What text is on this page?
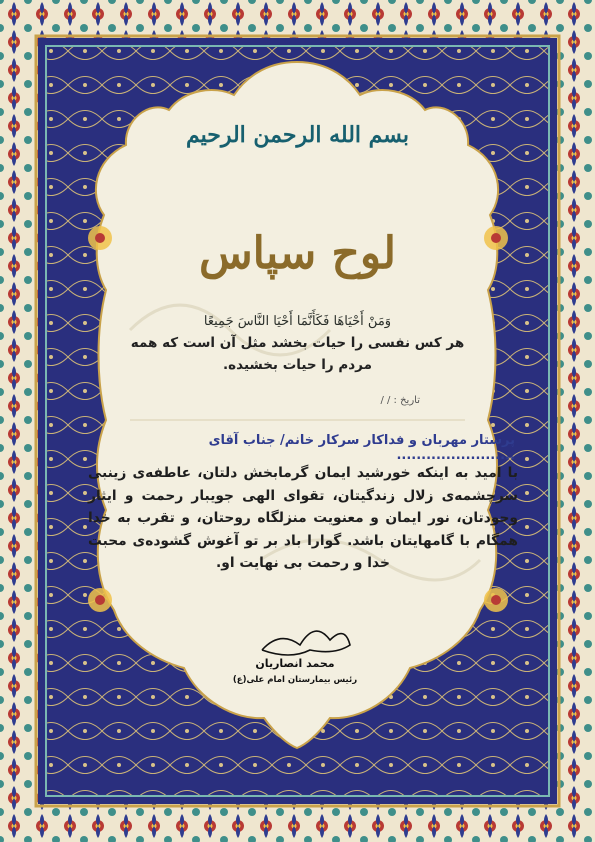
بسم الله الرحمن الرحیم
لوح سپاس
وَمَنْ أَحْيَاهَا فَكَأَنَّمَا أَحْيَا النَّاسَ جَمِيعًا
هر کس نفسی را حیات بخشد مثل آن است که همه مردم را حیات بخشیده.
تاریخ : / /
پرستار مهربان و فداکار سرکار خانم/ جناب آقای ........................
با امید به اینکه خورشید ایمان گرمابخش دلتان، عاطفه‌ی زینبی سرچشمه‌ی زلال زندگیتان، تقوای الهی جویبار رحمت و ایثار وجودتان، نور ایمان و معنویت منزلگاه روحتان، و تقرب به خدا همگام با گامهایتان باشد. گوارا باد بر تو آغوش گشوده‌ی محبت خدا و رحمت بی نهایت او.
محمد انصاریان
رئیس بیمارستان امام علی(ع)
